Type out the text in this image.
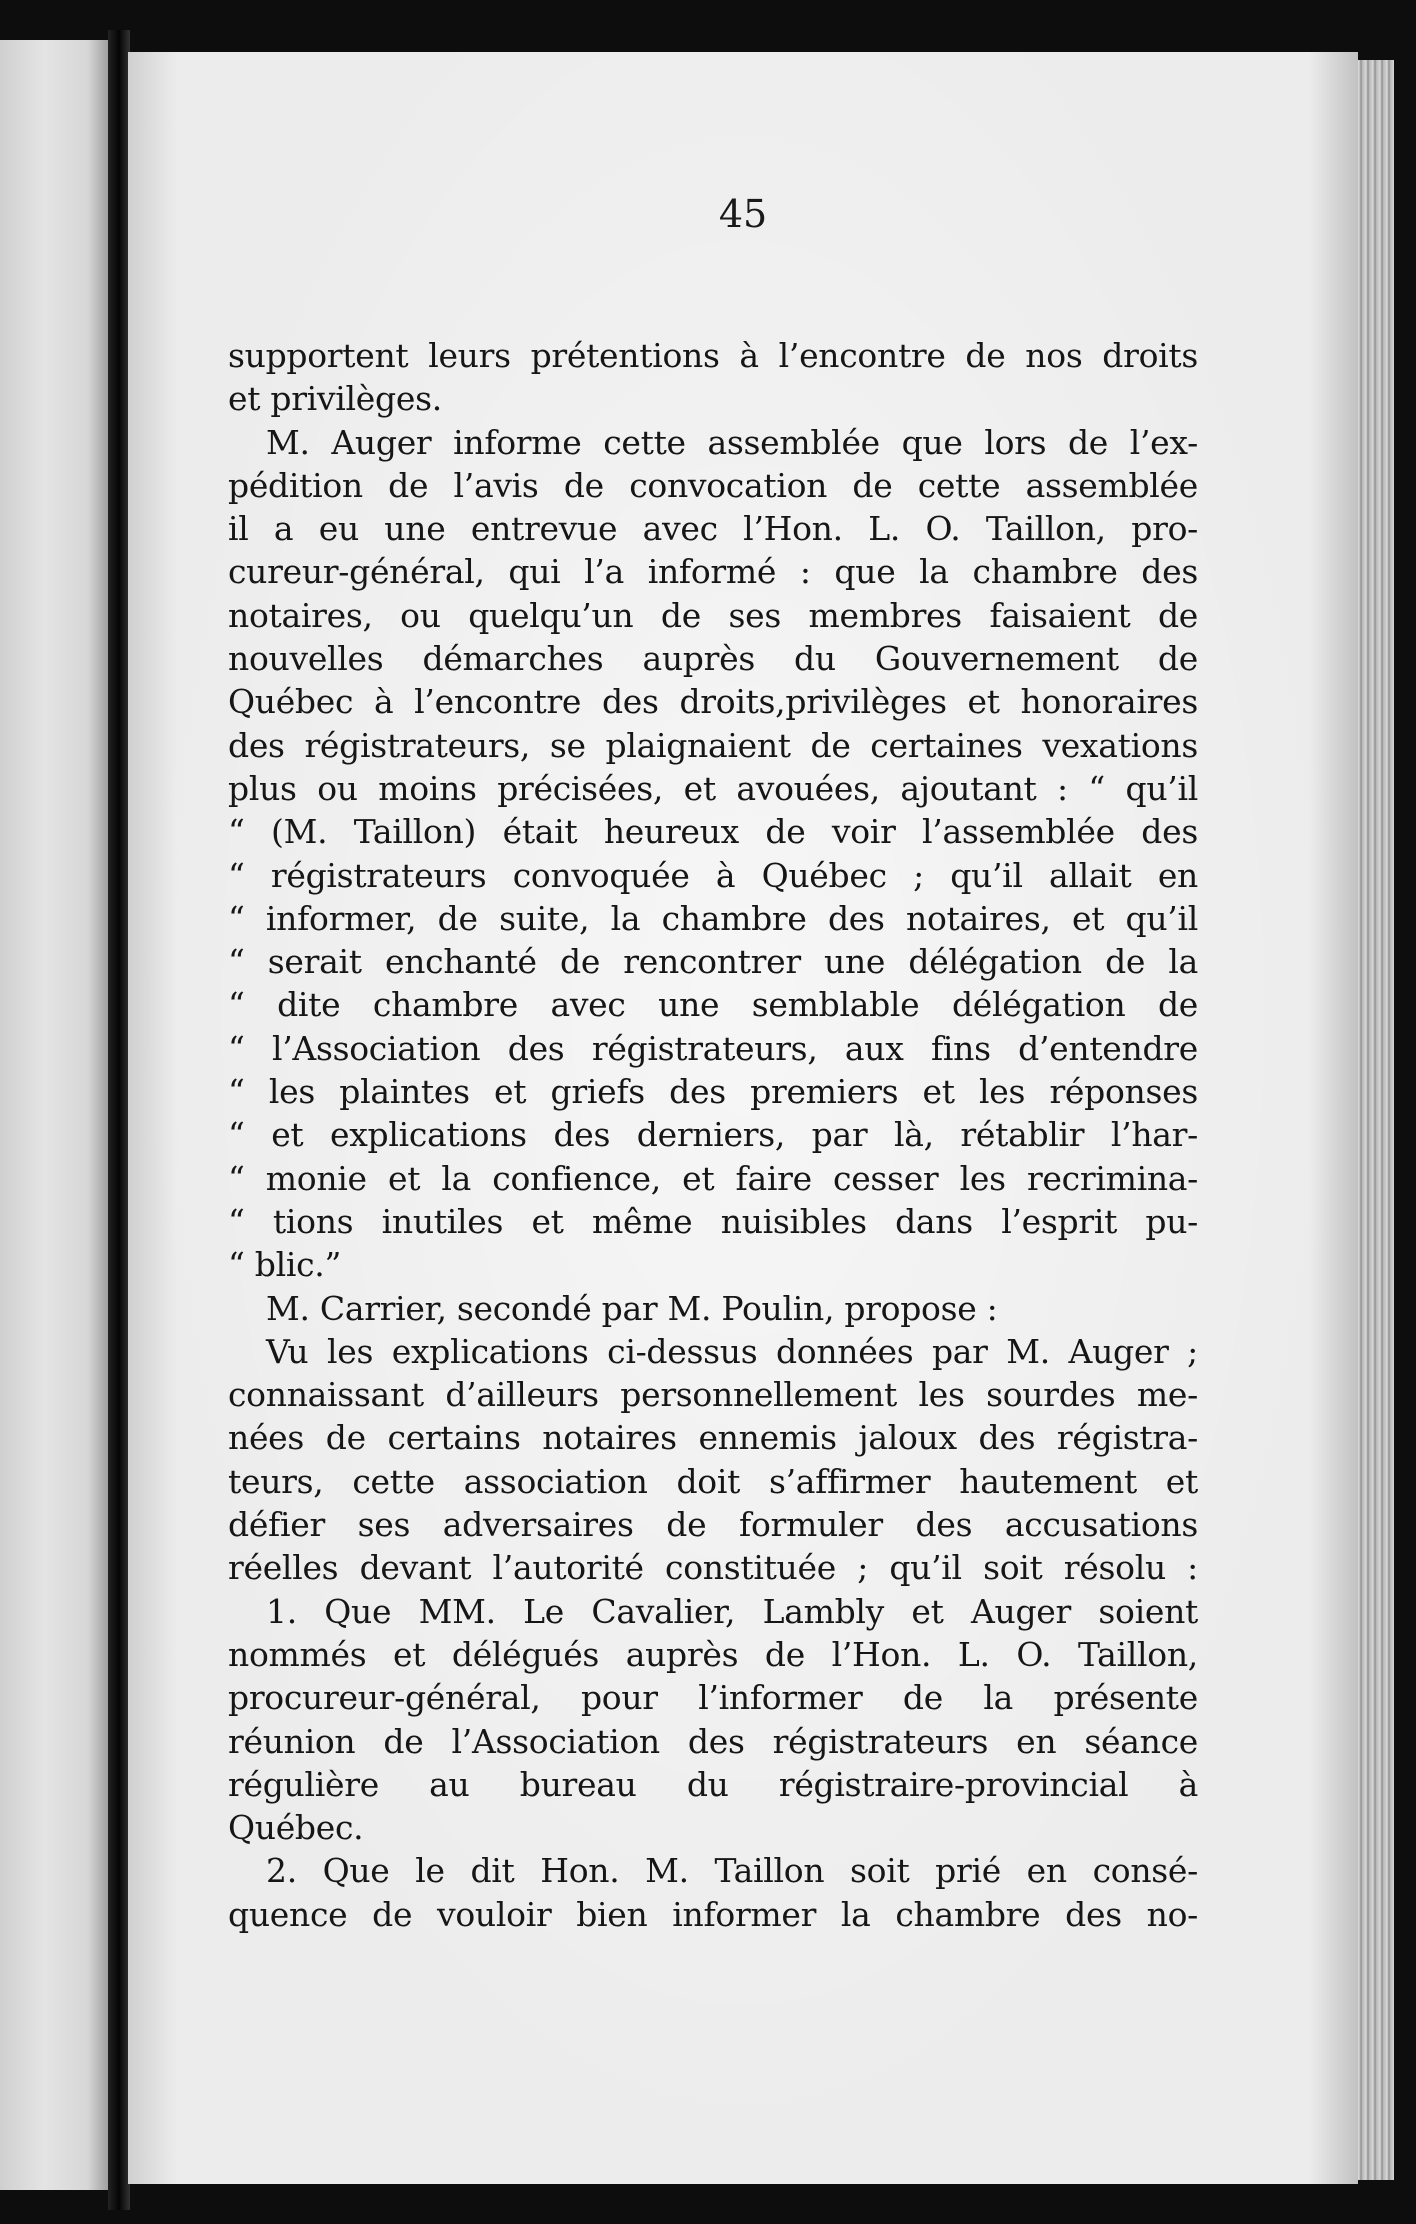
45
supportent leurs prétentions à l’encontre de nos droits
et privilèges.
M. Auger informe cette assemblée que lors de l’ex-
pédition de l’avis de convocation de cette assemblée
il a eu une entrevue avec l’Hon. L. O. Taillon, pro-
cureur-général, qui l’a informé : que la chambre des
notaires, ou quelqu’un de ses membres faisaient de
nouvelles démarches auprès du Gouvernement de
Québec à l’encontre des droits,privilèges et honoraires
des régistrateurs, se plaignaient de certaines vexations
plus ou moins précisées, et avouées, ajoutant : “ qu’il
“ (M. Taillon) était heureux de voir l’assemblée des
“ régistrateurs convoquée à Québec ; qu’il allait en
“ informer, de suite, la chambre des notaires, et qu’il
“ serait enchanté de rencontrer une délégation de la
“ dite chambre avec une semblable délégation de
“ l’Association des régistrateurs, aux fins d’entendre
“ les plaintes et griefs des premiers et les réponses
“ et explications des derniers, par là, rétablir l’har-
“ monie et la confience, et faire cesser les recrimina-
“ tions inutiles et même nuisibles dans l’esprit pu-
“ blic.”
M. Carrier, secondé par M. Poulin, propose :
Vu les explications ci-dessus données par M. Auger ;
connaissant d’ailleurs personnellement les sourdes me-
nées de certains notaires ennemis jaloux des régistra-
teurs, cette association doit s’affirmer hautement et
défier ses adversaires de formuler des accusations
réelles devant l’autorité constituée ; qu’il soit résolu :
1. Que MM. Le Cavalier, Lambly et Auger soient
nommés et délégués auprès de l’Hon. L. O. Taillon,
procureur-général, pour l’informer de la présente
réunion de l’Association des régistrateurs en séance
régulière au bureau du régistraire-provincial à
Québec.
2. Que le dit Hon. M. Taillon soit prié en consé-
quence de vouloir bien informer la chambre des no-
